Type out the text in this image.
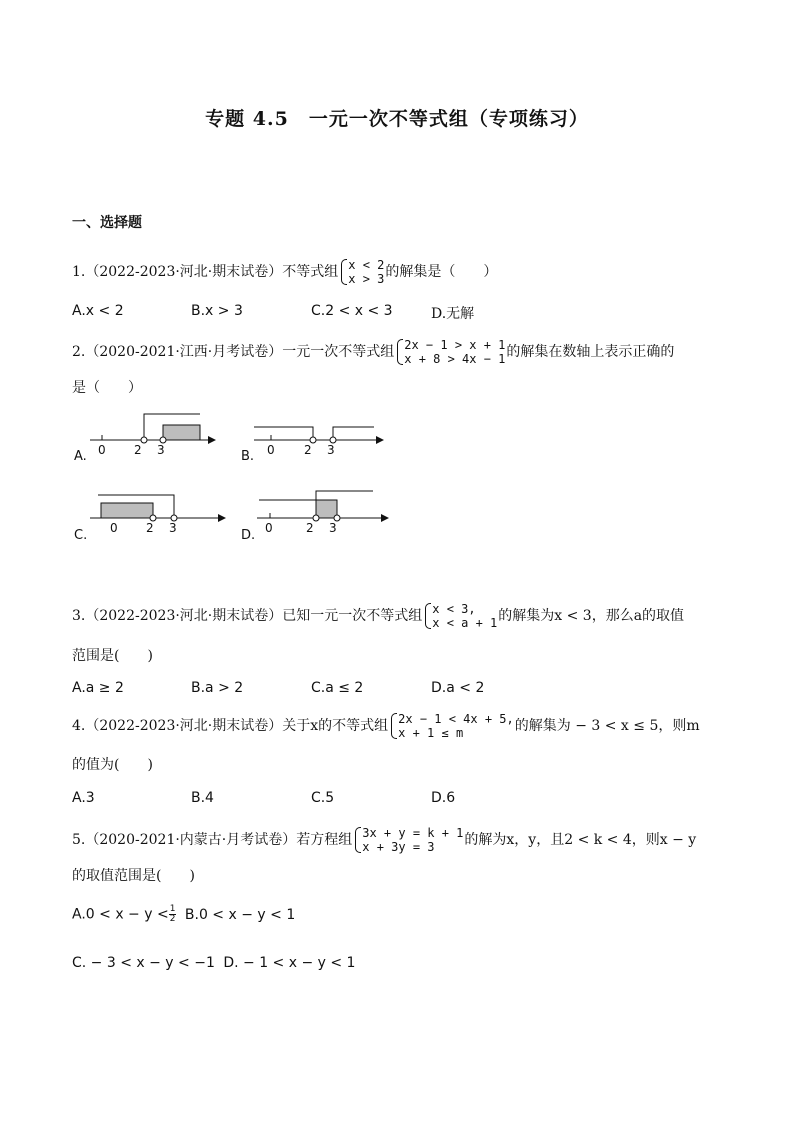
专题 4.5　一元一次不等式组（专项练习）
一、选择题
1.（2022-2023·河北·期末试卷）不等式组 x < 2
x > 3 的解集是（　　）
A.x < 2	B.x > 3	C.2 < x < 3	D.无解
2.（2020-2021·江西·月考试卷）一元一次不等式组 2x − 1 > x + 1
x + 8 > 4x − 1 的解集在数轴上表示正确的
是（　　）
A. 0 2 3	B. 0 2 3
C. 0 2 3	D. 0	2 3
3.（2022-2023·河北·期末试卷）已知一元一次不等式组 x < 3,
x < a + 1 的解集为x < 3，那么a的取值
范围是(　　)
A.a ≥ 2	B.a > 2	C.a ≤ 2	D.a < 2
4.（2022-2023·河北·期末试卷）关于x的不等式组 2x − 1 < 4x + 5,
x + 1 ≤ m	的解集为 − 3 < x ≤ 5，则m
的值为(　　)
A.3	B.4	C.5	D.6
5.（2020-2021·内蒙古·月考试卷）若方程组 3x + y = k + 1
x + 3y = 3	的解为x，y，且2 < k < 4，则x − y
的取值范围是(　　)
$A.0 < x - y < \frac{1}{2} B.0 < x - y < 1$
C. − 3 < x − y < −1 D. − 1 < x − y < 1
